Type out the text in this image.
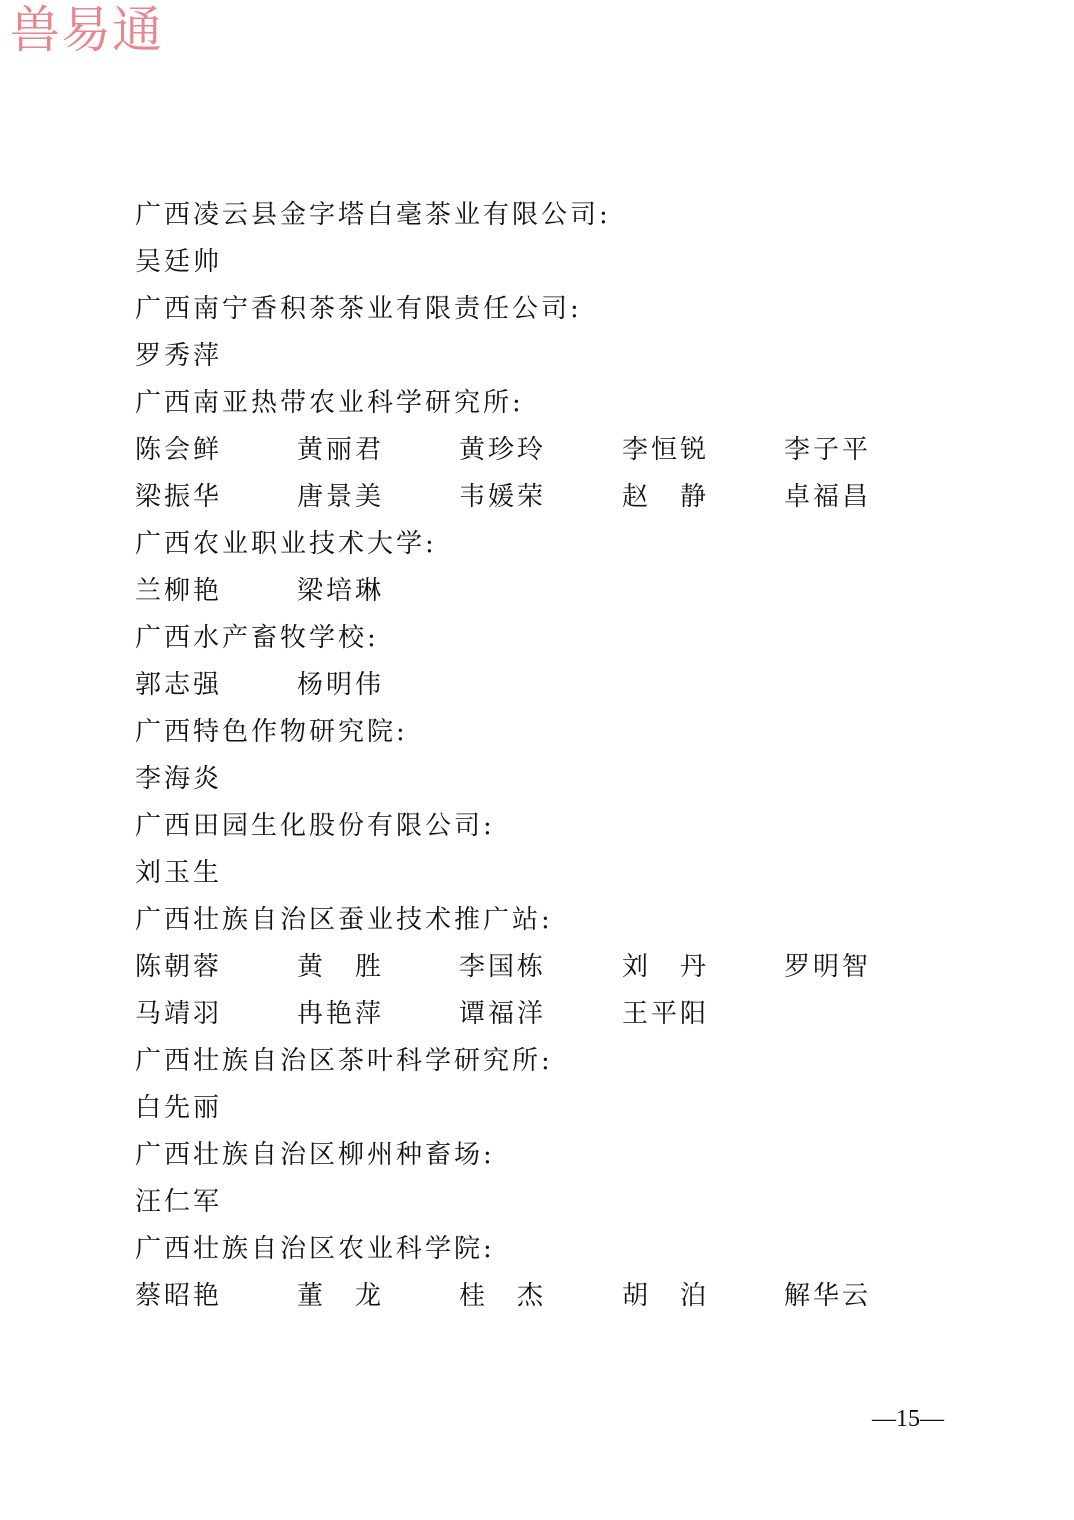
兽易通
广西凌云县金字塔白毫茶业有限公司:
吴廷帅
广西南宁香积茶茶业有限责任公司:
罗秀萍
广西南亚热带农业科学研究所:
陈会鲜	黄丽君	黄珍玲	李恒锐	李子平
梁振华	唐景美	韦媛荣	赵　静	卓福昌
广西农业职业技术大学:
兰柳艳	梁培琳
广西水产畜牧学校:
郭志强	杨明伟
广西特色作物研究院:
李海炎
广西田园生化股份有限公司:
刘玉生
广西壮族自治区蚕业技术推广站:
陈朝蓉	黄　胜	李国栋	刘　丹	罗明智
马靖羽	冉艳萍	谭福洋	王平阳
广西壮族自治区茶叶科学研究所:
白先丽
广西壮族自治区柳州种畜场:
汪仁军
广西壮族自治区农业科学院:
蔡昭艳	董　龙	桂　杰	胡　泊	解华云
—15—
